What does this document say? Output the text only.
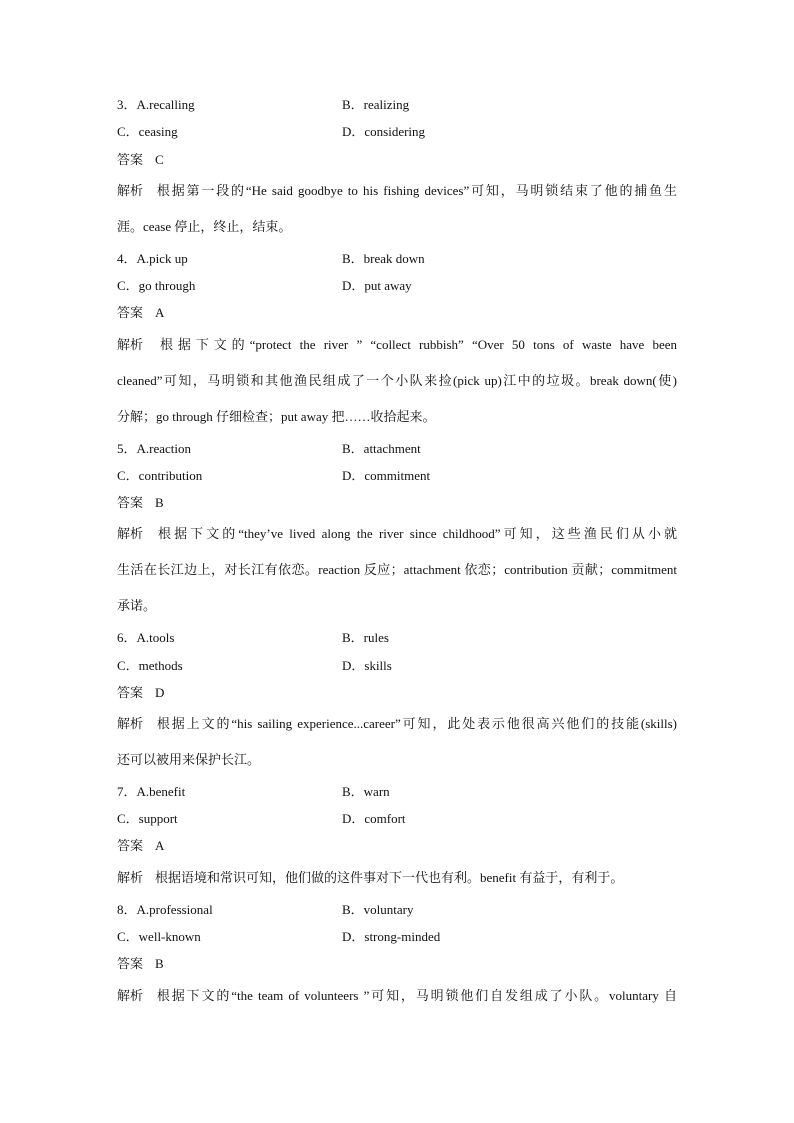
3．A.recalling	B．realizing
C．ceasing	D．considering
答案 C
解析 根据第一段的“He said goodbye to his fishing devices”可知，马明锁结束了他的捕鱼生
涯。cease 停止，终止，结束。
4．A.pick up	B．break down
C．go through	D．put away
答案 A
解析 根据下文的“protect the river ” “collect rubbish” “Over 50 tons of waste have been
cleaned”可知，马明锁和其他渔民组成了一个小队来捡(pick up)江中的垃圾。break down(使)
分解；go through 仔细检查；put away 把……收拾起来。
5．A.reaction	B．attachment
C．contribution	D．commitment
答案 B
解析 根据下文的“they’ve lived along the river since childhood”可知，这些渔民们从小就
生活在长江边上，对长江有依恋。reaction 反应；attachment 依恋；contribution 贡献；commitment
承诺。
6．A.tools	B．rules
C．methods	D．skills
答案 D
解析 根据上文的“his sailing experience...career”可知，此处表示他很高兴他们的技能(skills)
还可以被用来保护长江。
7．A.benefit	B．warn
C．support	D．comfort
答案 A
解析 根据语境和常识可知，他们做的这件事对下一代也有利。benefit 有益于，有利于。
8．A.professional	B．voluntary
C．well-known	D．strong-minded
答案 B
解析 根据下文的“the team of volunteers ”可知，马明锁他们自发组成了小队。voluntary 自
